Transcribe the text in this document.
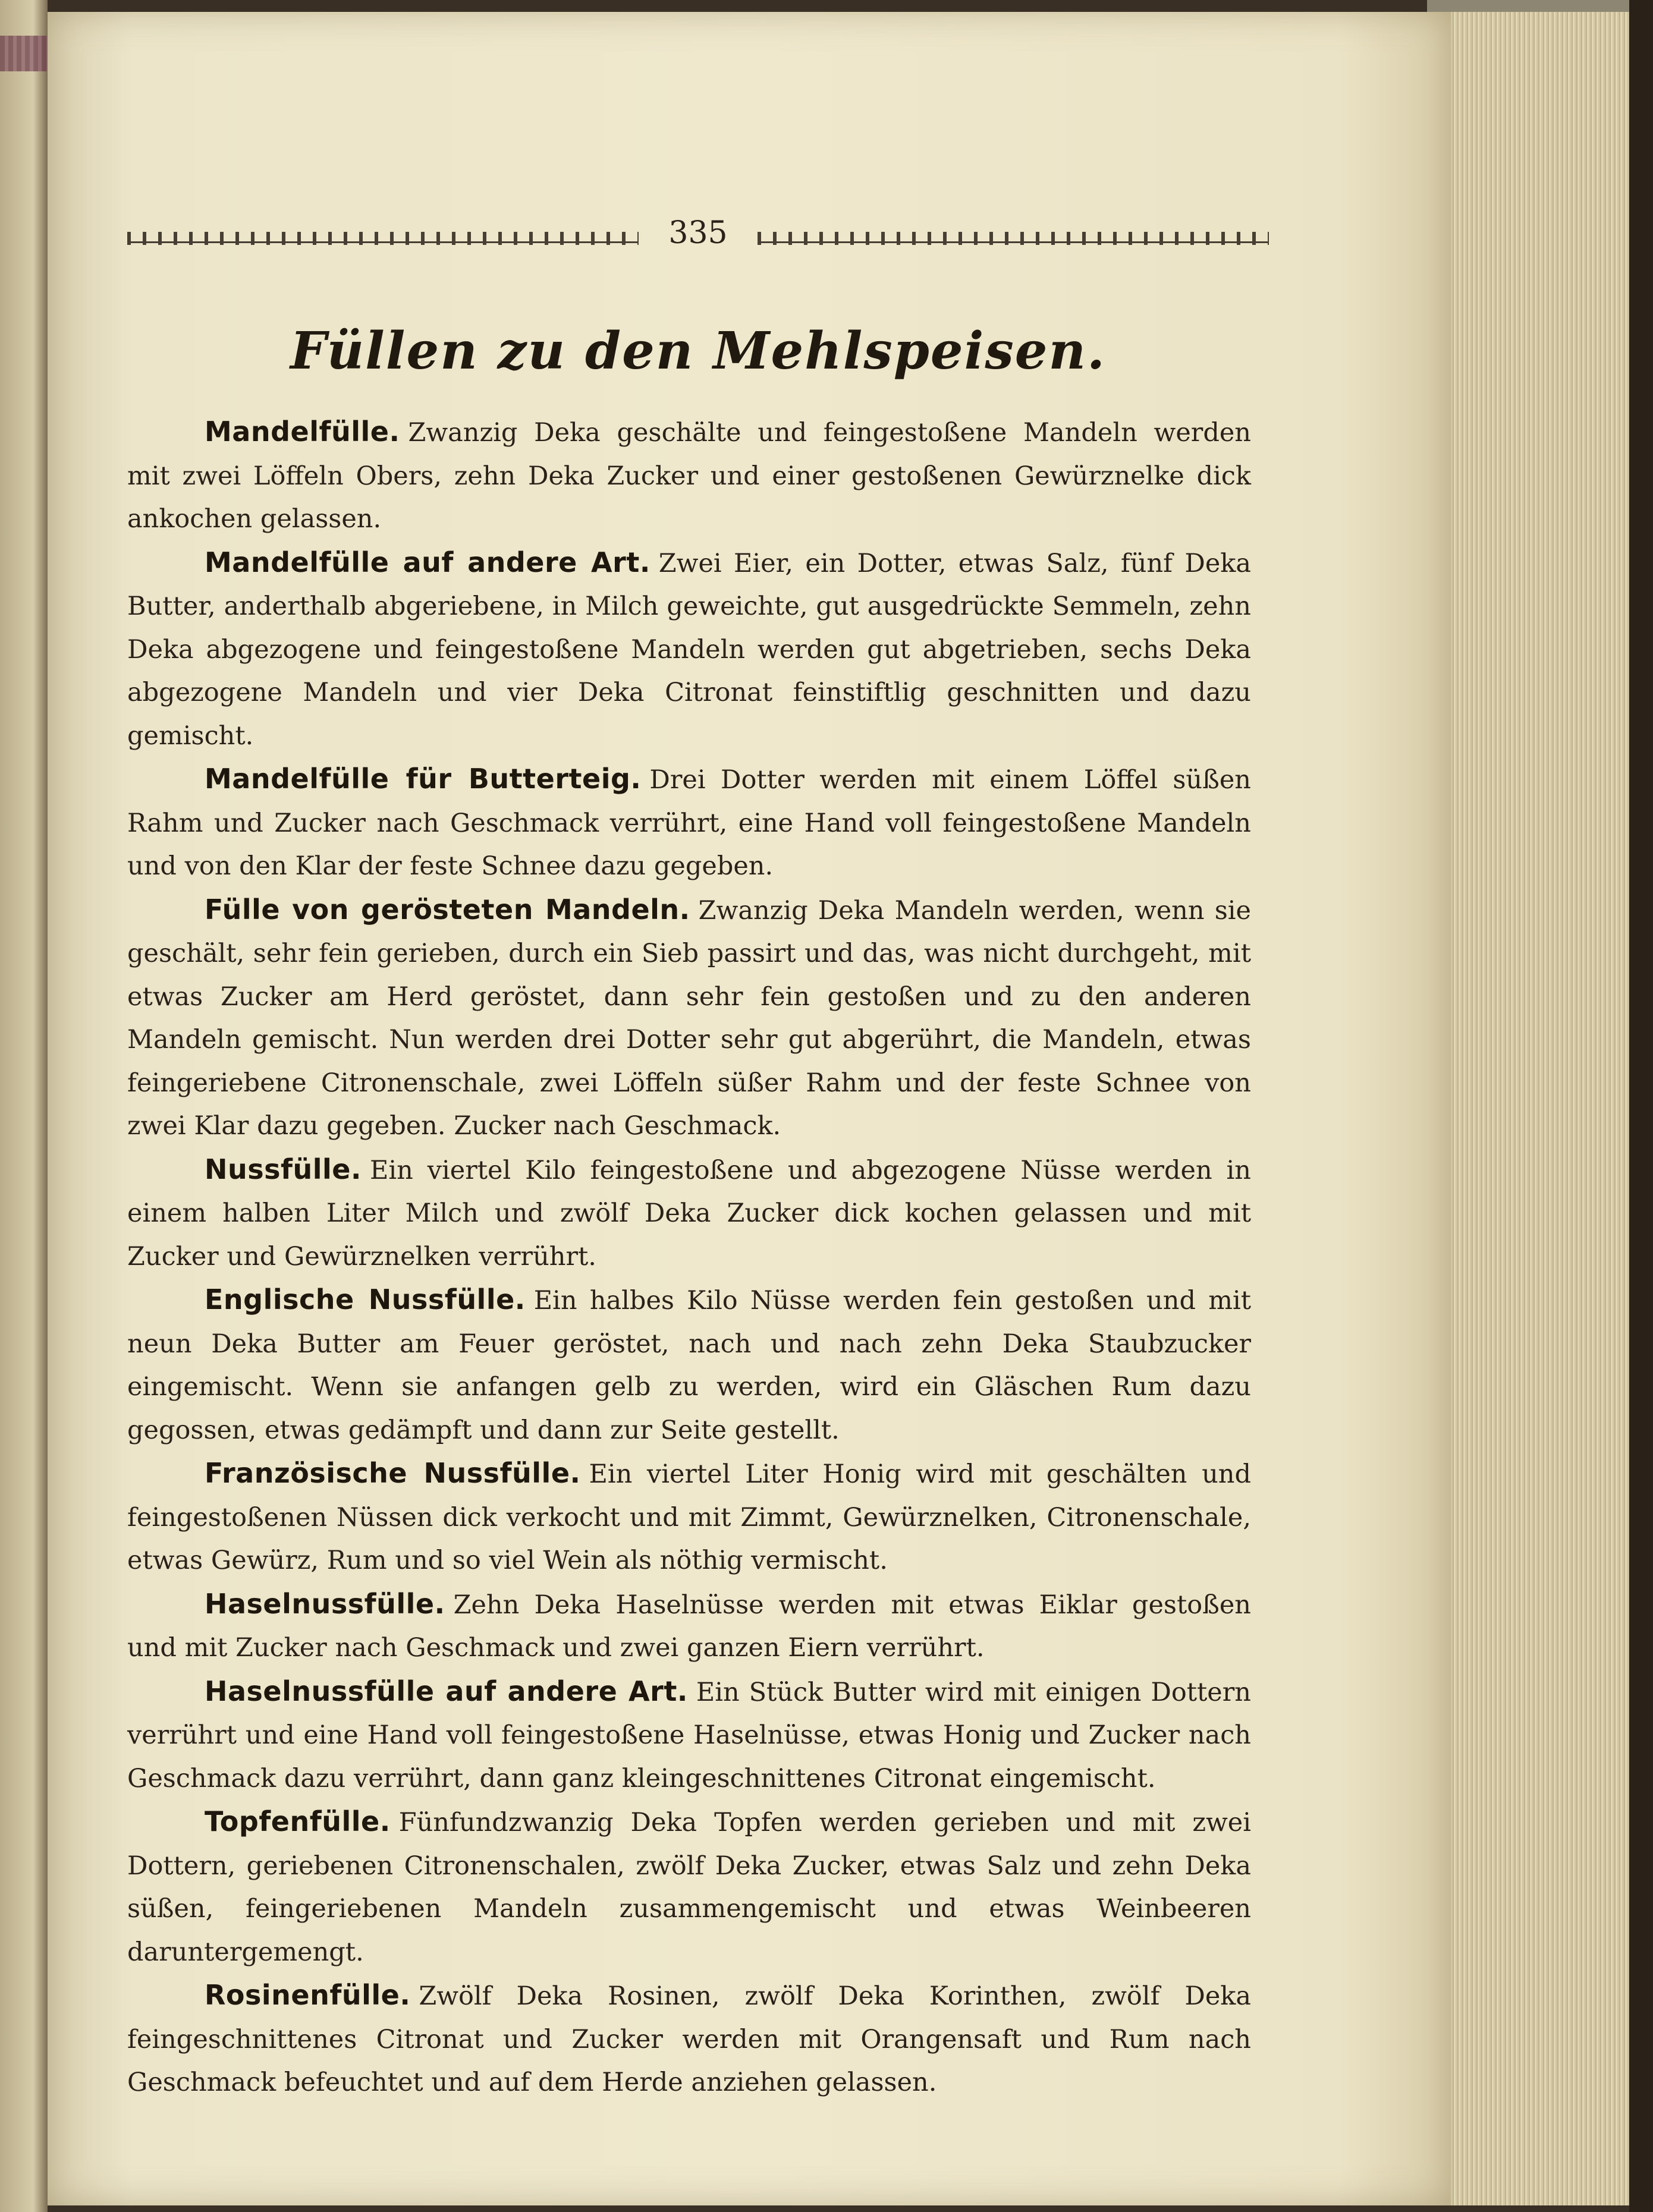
335
Füllen zu den Mehlspeisen.

Mandelfülle. Zwanzig Deka geschälte und feingestoßene Mandeln werden mit zwei Löffeln Obers, zehn Deka Zucker und einer gestoßenen Gewürznelke dick ankochen gelassen.

Mandelfülle auf andere Art. Zwei Eier, ein Dotter, etwas Salz, fünf Deka Butter, anderthalb abgeriebene, in Milch geweichte, gut ausgedrückte Semmeln, zehn Deka abgezogene und feingestoßene Mandeln werden gut abgetrieben, sechs Deka abgezogene Mandeln und vier Deka Citronat feinstiftlig geschnitten und dazu gemischt.

Mandelfülle für Butterteig. Drei Dotter werden mit einem Löffel süßen Rahm und Zucker nach Geschmack verrührt, eine Hand voll feingestoßene Mandeln und von den Klar der feste Schnee dazu gegeben.

Fülle von gerösteten Mandeln. Zwanzig Deka Mandeln werden, wenn sie geschält, sehr fein gerieben, durch ein Sieb passirt und das, was nicht durchgeht, mit etwas Zucker am Herd geröstet, dann sehr fein gestoßen und zu den anderen Mandeln gemischt. Nun werden drei Dotter sehr gut abgerührt, die Mandeln, etwas feingeriebene Citronenschale, zwei Löffeln süßer Rahm und der feste Schnee von zwei Klar dazu gegeben. Zucker nach Geschmack.

Nussfülle. Ein viertel Kilo feingestoßene und abgezogene Nüsse werden in einem halben Liter Milch und zwölf Deka Zucker dick kochen gelassen und mit Zucker und Gewürznelken verrührt.

Englische Nussfülle. Ein halbes Kilo Nüsse werden fein gestoßen und mit neun Deka Butter am Feuer geröstet, nach und nach zehn Deka Staubzucker eingemischt. Wenn sie anfangen gelb zu werden, wird ein Gläschen Rum dazu gegossen, etwas gedämpft und dann zur Seite gestellt.

Französische Nussfülle. Ein viertel Liter Honig wird mit geschälten und feingestoßenen Nüssen dick verkocht und mit Zimmt, Gewürznelken, Citronenschale, etwas Gewürz, Rum und so viel Wein als nöthig vermischt.

Haselnussfülle. Zehn Deka Haselnüsse werden mit etwas Eiklar gestoßen und mit Zucker nach Geschmack und zwei ganzen Eiern verrührt.

Haselnussfülle auf andere Art. Ein Stück Butter wird mit einigen Dottern verrührt und eine Hand voll feingestoßene Haselnüsse, etwas Honig und Zucker nach Geschmack dazu verrührt, dann ganz kleingeschnittenes Citronat eingemischt.

Topfenfülle. Fünfundzwanzig Deka Topfen werden gerieben und mit zwei Dottern, geriebenen Citronenschalen, zwölf Deka Zucker, etwas Salz und zehn Deka süßen, feingeriebenen Mandeln zusammengemischt und etwas Weinbeeren daruntergemengt.

Rosinenfülle. Zwölf Deka Rosinen, zwölf Deka Korinthen, zwölf Deka feingeschnittenes Citronat und Zucker werden mit Orangensaft und Rum nach Geschmack befeuchtet und auf dem Herde anziehen gelassen.
